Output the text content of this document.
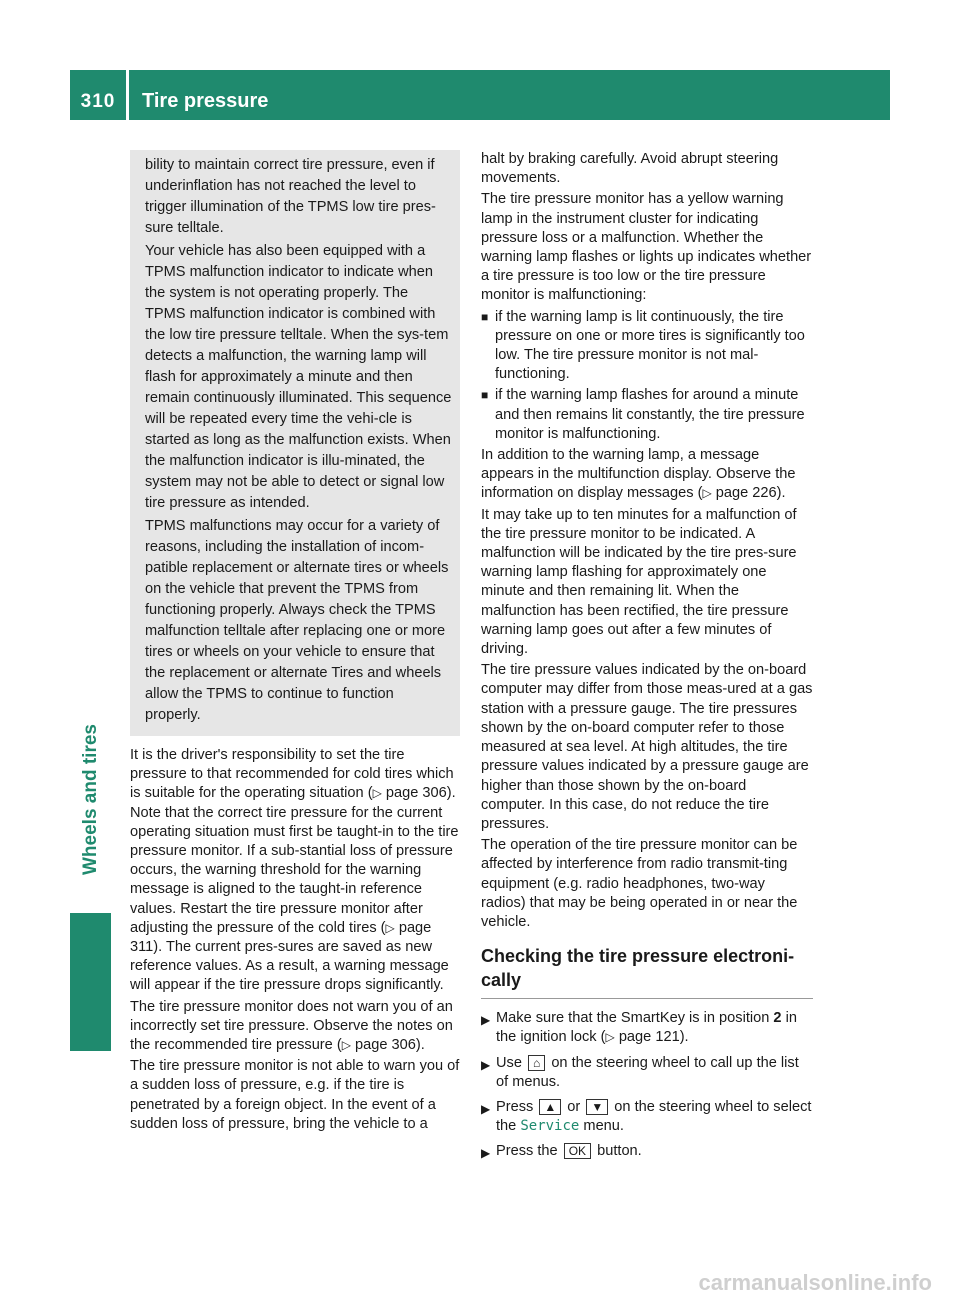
310	Tire pressure
Wheels and tires

bility to maintain correct tire pressure, even if underinflation has not reached the level to trigger illumination of the TPMS low tire pres-sure telltale.

Your vehicle has also been equipped with a TPMS malfunction indicator to indicate when the system is not operating properly. The TPMS malfunction indicator is combined with the low tire pressure telltale. When the sys-tem detects a malfunction, the warning lamp will flash for approximately a minute and then remain continuously illuminated. This sequence will be repeated every time the vehi-cle is started as long as the malfunction exists. When the malfunction indicator is illu-minated, the system may not be able to detect or signal low tire pressure as intended.

TPMS malfunctions may occur for a variety of reasons, including the installation of incom-patible replacement or alternate tires or wheels on the vehicle that prevent the TPMS from functioning properly. Always check the TPMS malfunction telltale after replacing one or more tires or wheels on your vehicle to ensure that the replacement or alternate Tires and wheels allow the TPMS to continue to function properly.

It is the driver's responsibility to set the tire pressure to that recommended for cold tires which is suitable for the operating situation (▷ page 306). Note that the correct tire pressure for the current operating situation must first be taught-in to the tire pressure monitor. If a sub-stantial loss of pressure occurs, the warning threshold for the warning message is aligned to the taught-in reference values. Restart the tire pressure monitor after adjusting the pressure of the cold tires (▷ page 311). The current pres-sures are saved as new reference values. As a result, a warning message will appear if the tire pressure drops significantly.

The tire pressure monitor does not warn you of an incorrectly set tire pressure. Observe the notes on the recommended tire pressure (▷ page 306).

The tire pressure monitor is not able to warn you of a sudden loss of pressure, e.g. if the tire is penetrated by a foreign object. In the event of a sudden loss of pressure, bring the vehicle to a

halt by braking carefully. Avoid abrupt steering movements.

The tire pressure monitor has a yellow warning lamp in the instrument cluster for indicating pressure loss or a malfunction. Whether the warning lamp flashes or lights up indicates whether a tire pressure is too low or the tire pressure monitor is malfunctioning:

■ if the warning lamp is lit continuously, the tire pressure on one or more tires is significantly too low. The tire pressure monitor is not mal-functioning.
■ if the warning lamp flashes for around a minute and then remains lit constantly, the tire pressure monitor is malfunctioning.

In addition to the warning lamp, a message appears in the multifunction display. Observe the information on display messages (▷ page 226).

It may take up to ten minutes for a malfunction of the tire pressure monitor to be indicated. A malfunction will be indicated by the tire pres-sure warning lamp flashing for approximately one minute and then remaining lit. When the malfunction has been rectified, the tire pressure warning lamp goes out after a few minutes of driving.

The tire pressure values indicated by the on-board computer may differ from those meas-ured at a gas station with a pressure gauge. The tire pressures shown by the on-board computer refer to those measured at sea level. At high altitudes, the tire pressure values indicated by a pressure gauge are higher than those shown by the on-board computer. In this case, do not reduce the tire pressures.

The operation of the tire pressure monitor can be affected by interference from radio transmit-ting equipment (e.g. radio headphones, two-way radios) that may be being operated in or near the vehicle.

Checking the tire pressure electroni-cally
▶ Make sure that the SmartKey is in position 2 in the ignition lock (▷ page 121).
▶ Use ⌂ on the steering wheel to call up the list of menus.
▶ Press ▲ or ▼ on the steering wheel to select the Service menu.
▶ Press the OK button.
carmanualsonline.info
